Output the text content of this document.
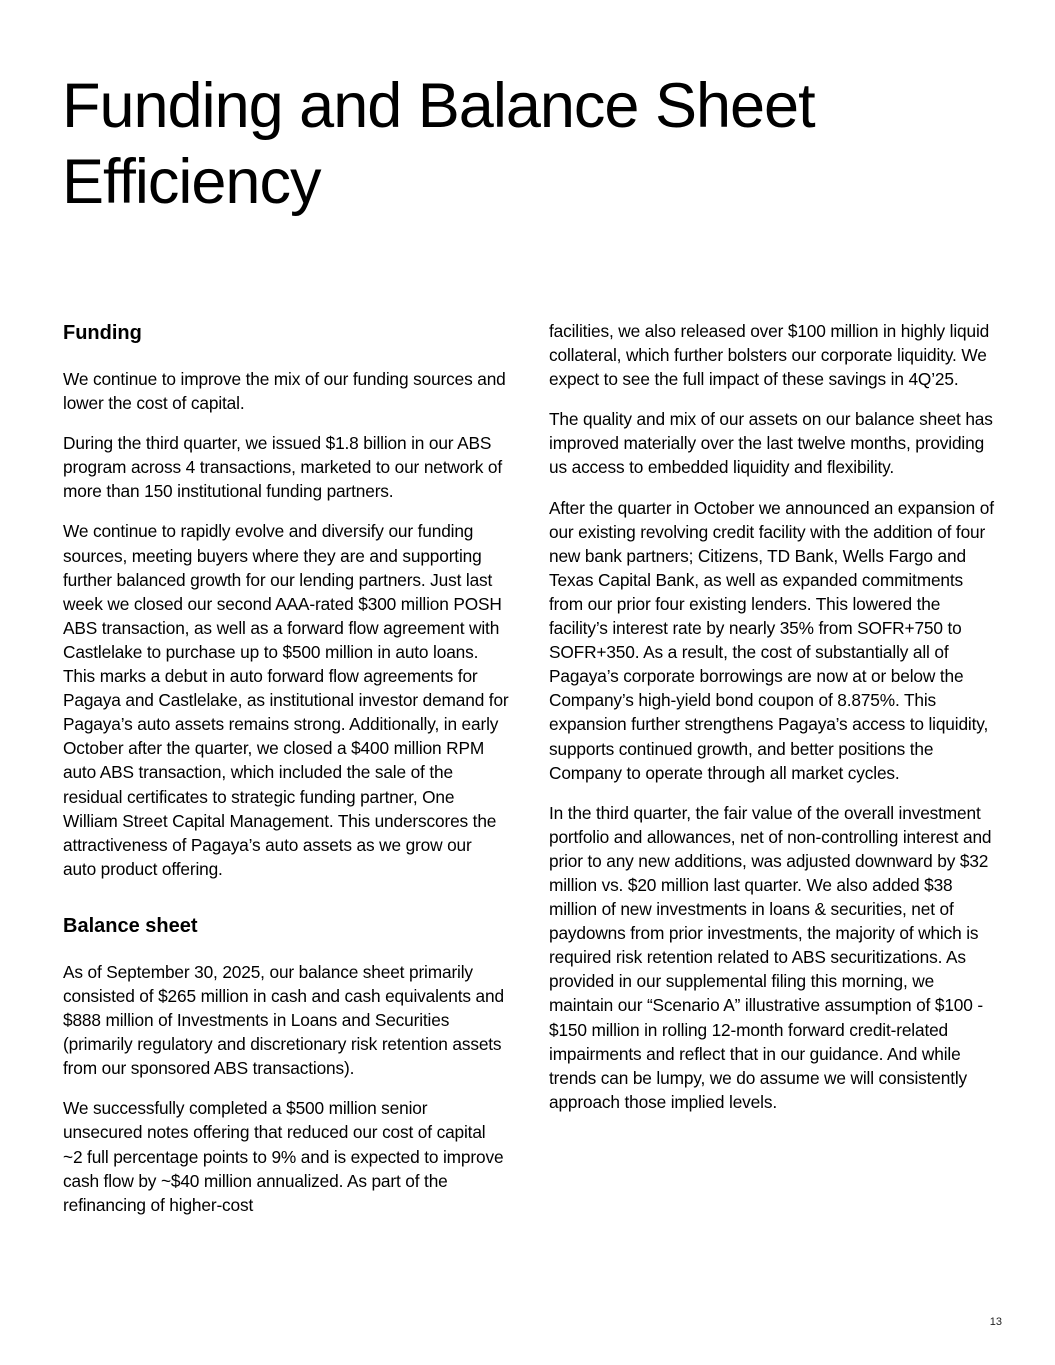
Funding and Balance Sheet Efficiency
Funding

We continue to improve the mix of our funding sources and lower the cost of capital.

During the third quarter, we issued $1.8 billion in our ABS program across 4 transactions, marketed to our network of more than 150 institutional funding partners.

We continue to rapidly evolve and diversify our funding sources, meeting buyers where they are and supporting further balanced growth for our lending partners. Just last week we closed our second AAA-rated $300 million POSH ABS transaction, as well as a forward flow agreement with Castlelake to purchase up to $500 million in auto loans. This marks a debut in auto forward flow agreements for Pagaya and Castlelake, as institutional investor demand for Pagaya’s auto assets remains strong. Additionally, in early October after the quarter, we closed a $400 million RPM auto ABS transaction, which included the sale of the residual certificates to strategic funding partner, One William Street Capital Management. This underscores the attractiveness of Pagaya’s auto assets as we grow our auto product offering.

Balance sheet

As of September 30, 2025, our balance sheet primarily consisted of $265 million in cash and cash equivalents and $888 million of Investments in Loans and Securities (primarily regulatory and discretionary risk retention assets from our sponsored ABS transactions).

We successfully completed a $500 million senior unsecured notes offering that reduced our cost of capital ~2 full percentage points to 9% and is expected to improve cash flow by ~$40 million annualized. As part of the refinancing of higher-cost

facilities, we also released over $100 million in highly liquid collateral, which further bolsters our corporate liquidity. We expect to see the full impact of these savings in 4Q’25.

The quality and mix of our assets on our balance sheet has improved materially over the last twelve months, providing us access to embedded liquidity and flexibility.

After the quarter in October we announced an expansion of our existing revolving credit facility with the addition of four new bank partners; Citizens, TD Bank, Wells Fargo and Texas Capital Bank, as well as expanded commitments from our prior four existing lenders. This lowered the facility’s interest rate by nearly 35% from SOFR+750 to SOFR+350. As a result, the cost of substantially all of Pagaya’s corporate borrowings are now at or below the Company’s high-yield bond coupon of 8.875%. This expansion further strengthens Pagaya’s access to liquidity, supports continued growth, and better positions the Company to operate through all market cycles.

In the third quarter, the fair value of the overall investment portfolio and allowances, net of non-controlling interest and prior to any new additions, was adjusted downward by $32 million vs. $20 million last quarter. We also added $38 million of new investments in loans & securities, net of paydowns from prior investments, the majority of which is required risk retention related to ABS securitizations. As provided in our supplemental filing this morning, we maintain our “Scenario A” illustrative assumption of $100 - $150 million in rolling 12-month forward credit-related impairments and reflect that in our guidance. And while trends can be lumpy, we do assume we will consistently approach those implied levels.

13
